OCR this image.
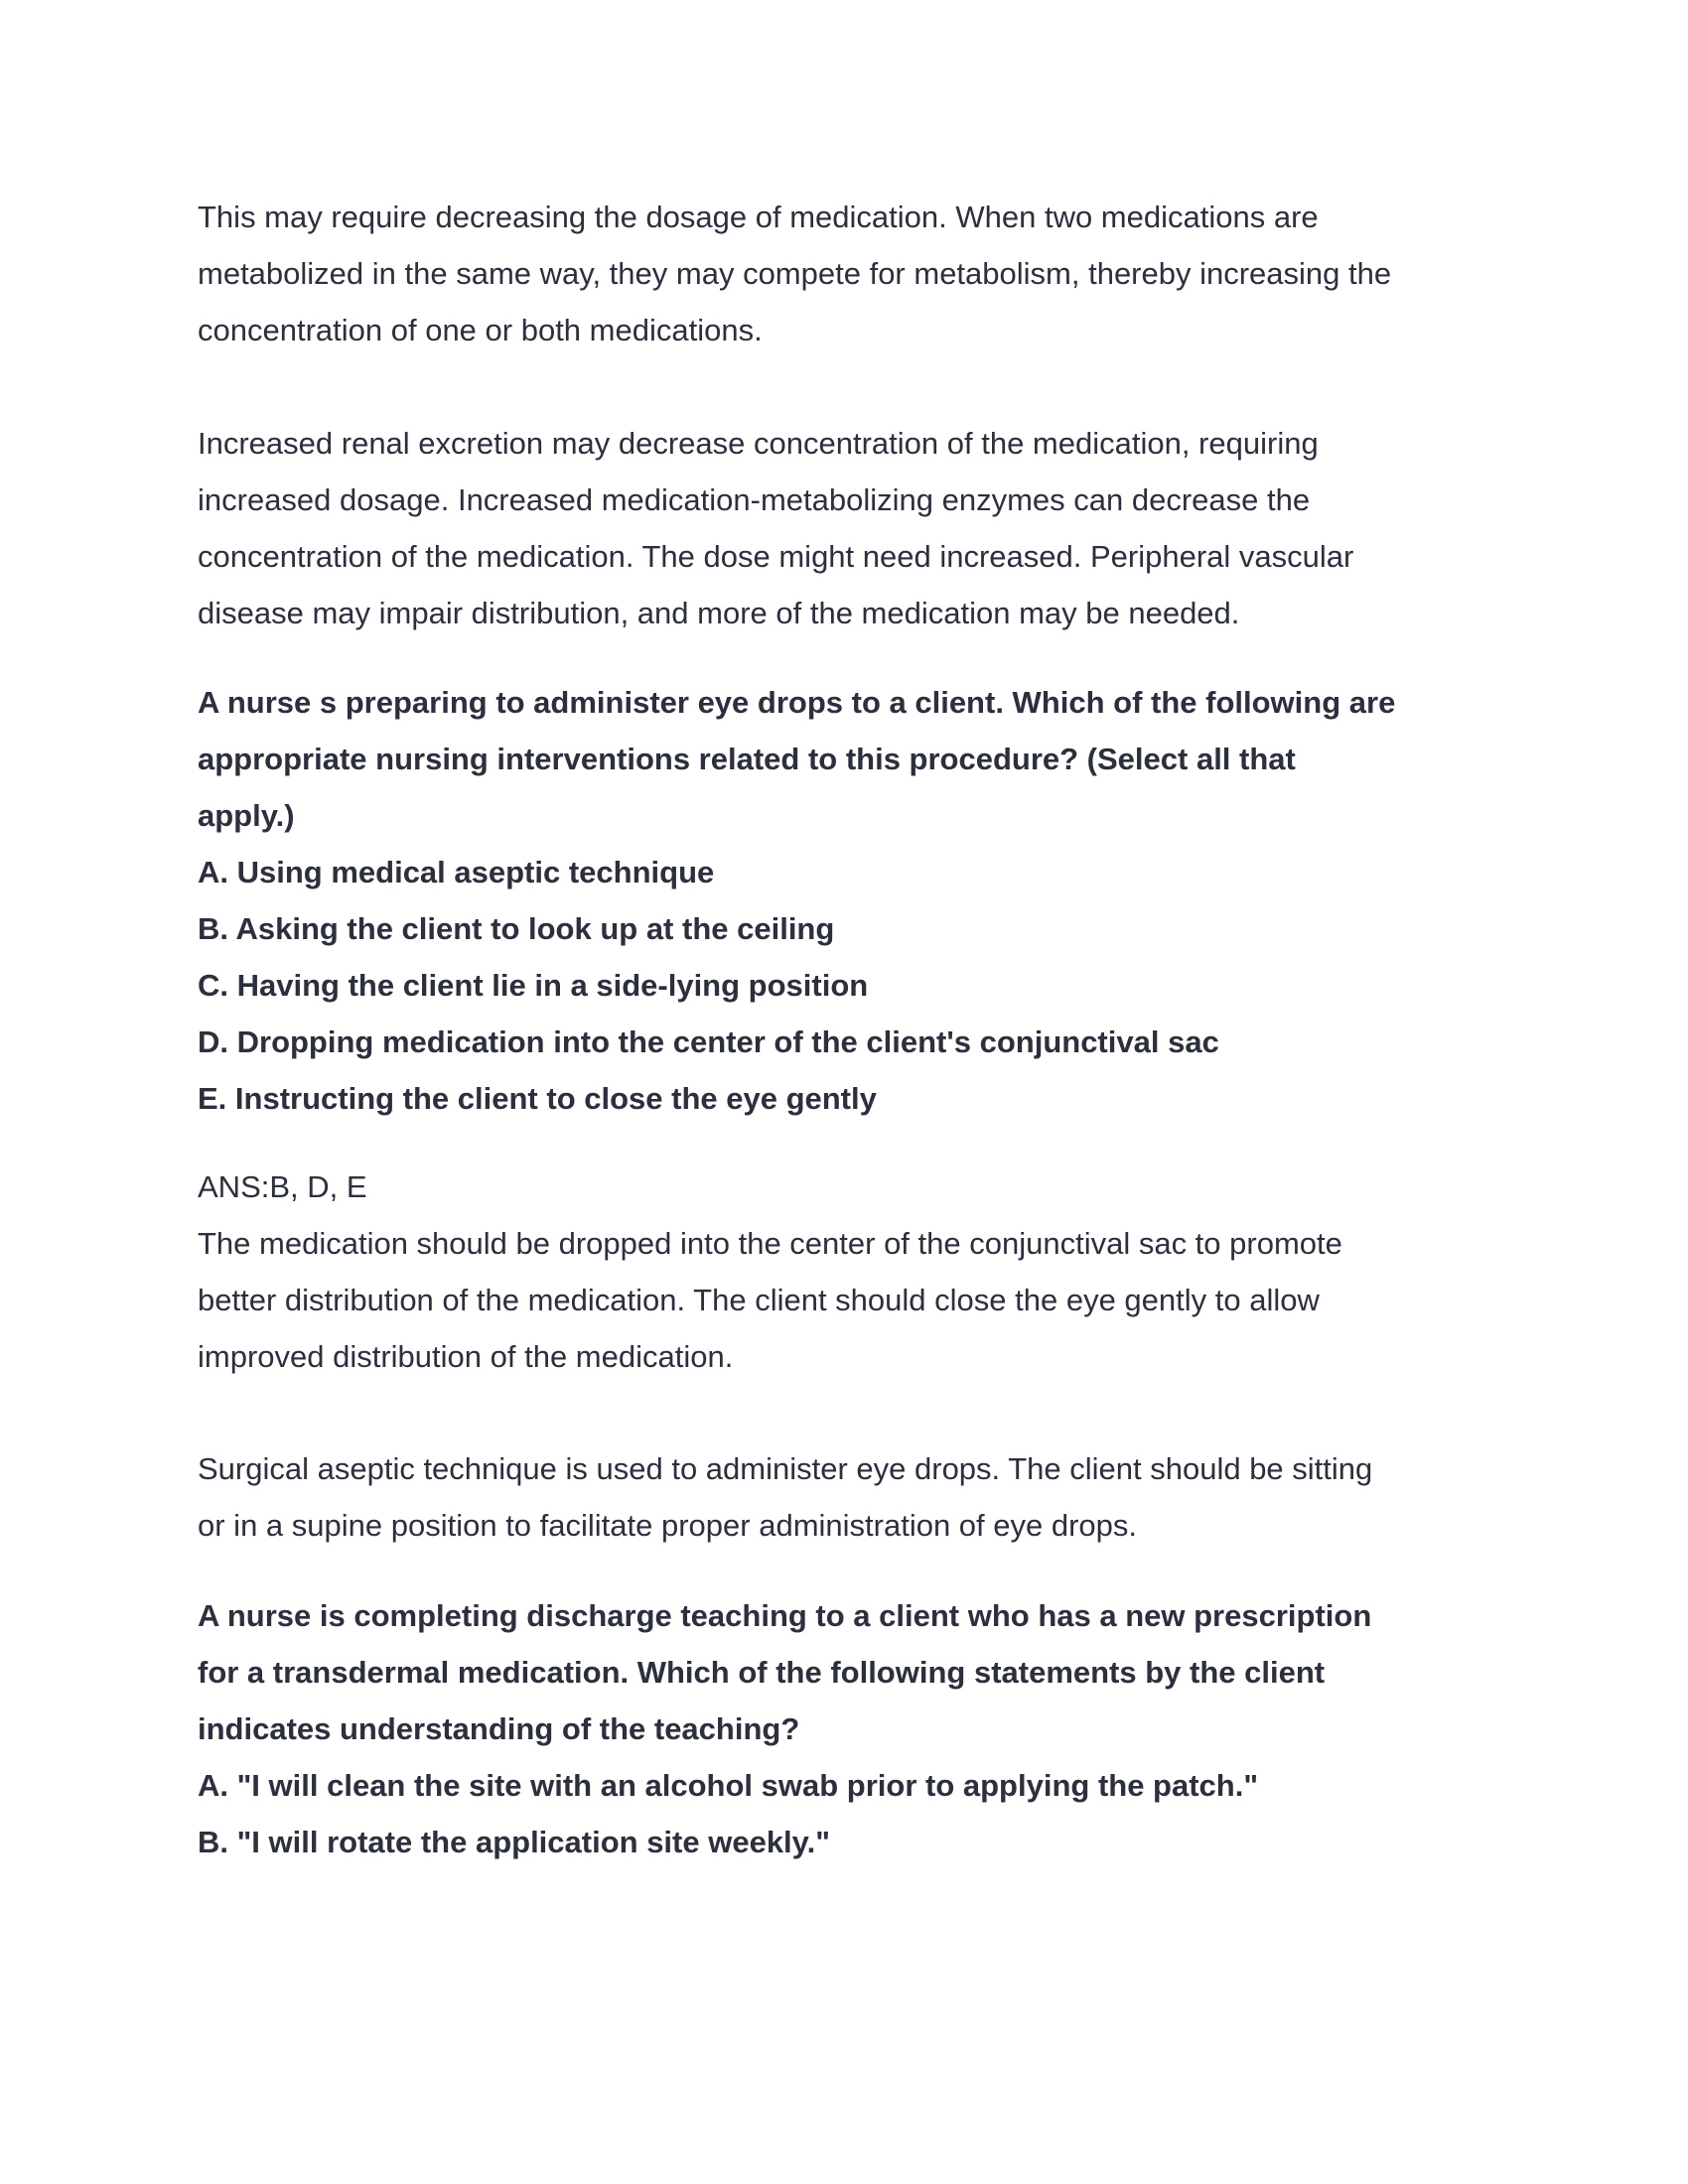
This may require decreasing the dosage of medication. When two medications are
metabolized in the same way, they may compete for metabolism, thereby increasing the
concentration of one or both medications.
Increased renal excretion may decrease concentration of the medication, requiring
increased dosage. Increased medication-metabolizing enzymes can decrease the
concentration of the medication. The dose might need increased. Peripheral vascular
disease may impair distribution, and more of the medication may be needed.
A nurse s preparing to administer eye drops to a client. Which of the following are
appropriate nursing interventions related to this procedure? (Select all that
apply.)
A. Using medical aseptic technique
B. Asking the client to look up at the ceiling
C. Having the client lie in a side-lying position
D. Dropping medication into the center of the client's conjunctival sac
E. Instructing the client to close the eye gently
ANS:B, D, E
The medication should be dropped into the center of the conjunctival sac to promote
better distribution of the medication. The client should close the eye gently to allow
improved distribution of the medication.
Surgical aseptic technique is used to administer eye drops. The client should be sitting
or in a supine position to facilitate proper administration of eye drops.
A nurse is completing discharge teaching to a client who has a new prescription
for a transdermal medication. Which of the following statements by the client
indicates understanding of the teaching?
A. "I will clean the site with an alcohol swab prior to applying the patch."
B. "I will rotate the application site weekly."
